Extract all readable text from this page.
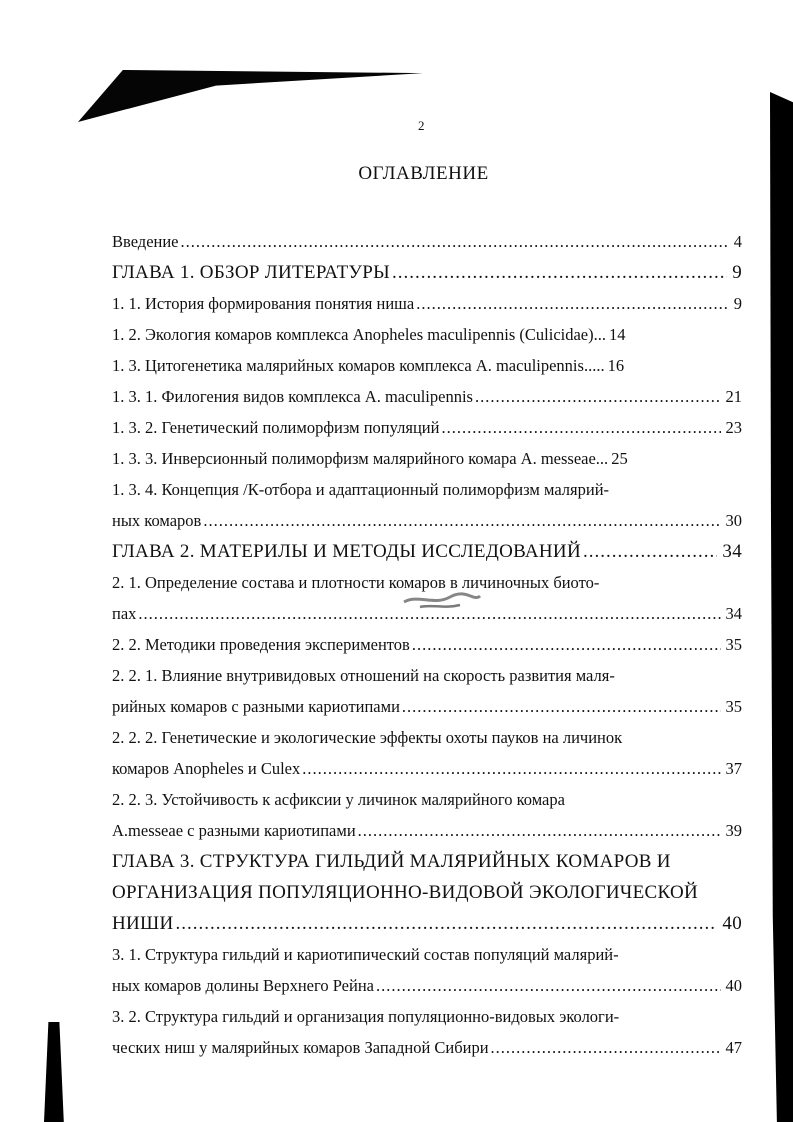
2
ОГЛАВЛЕНИЕ
Введение .....	4
ГЛАВА 1. ОБЗОР ЛИТЕРАТУРЫ .....	9
1. 1. История формирования понятия ниша .....	9
1. 2. Экология комаров комплекса Anopheles maculipennis (Culicidae)... 14
1. 3. Цитогенетика малярийных комаров комплекса A. maculipennis..... 16
1. 3. 1. Филогения видов комплекса A. maculipennis .....	21
1. 3. 2. Генетический полиморфизм популяций .....	23
1. 3. 3. Инверсионный полиморфизм малярийного комара A. messeae... 25
1. 3. 4. Концепция /К-отбора и адаптационный полиморфизм малярий-
ных комаров .....	30
ГЛАВА 2. МАТЕРИЛЫ И МЕТОДЫ ИССЛЕДОВАНИЙ .....	34
2. 1. Определение состава и плотности комаров в личиночных биото-
пах .....	34
2. 2. Методики проведения экспериментов .....	35
2. 2. 1. Влияние внутривидовых отношений на скорость развития маля-
рийных комаров с разными кариотипами .....	35
2. 2. 2. Генетические и экологические эффекты охоты пауков на личинок
комаров Anopheles и Culex .....	37
2. 2. 3. Устойчивость к асфиксии у личинок малярийного комара
A.messeae с разными кариотипами .....	39
ГЛАВА 3. СТРУКТУРА ГИЛЬДИЙ МАЛЯРИЙНЫХ КОМАРОВ И
ОРГАНИЗАЦИЯ ПОПУЛЯЦИОННО-ВИДОВОЙ ЭКОЛОГИЧЕСКОЙ
НИШИ .....	40
3. 1. Структура гильдий и кариотипический состав популяций малярий-
ных комаров долины Верхнего Рейна .....	40
3. 2. Структура гильдий и организация популяционно-видовых экологи-
ческих ниш у малярийных комаров Западной Сибири .....	47
